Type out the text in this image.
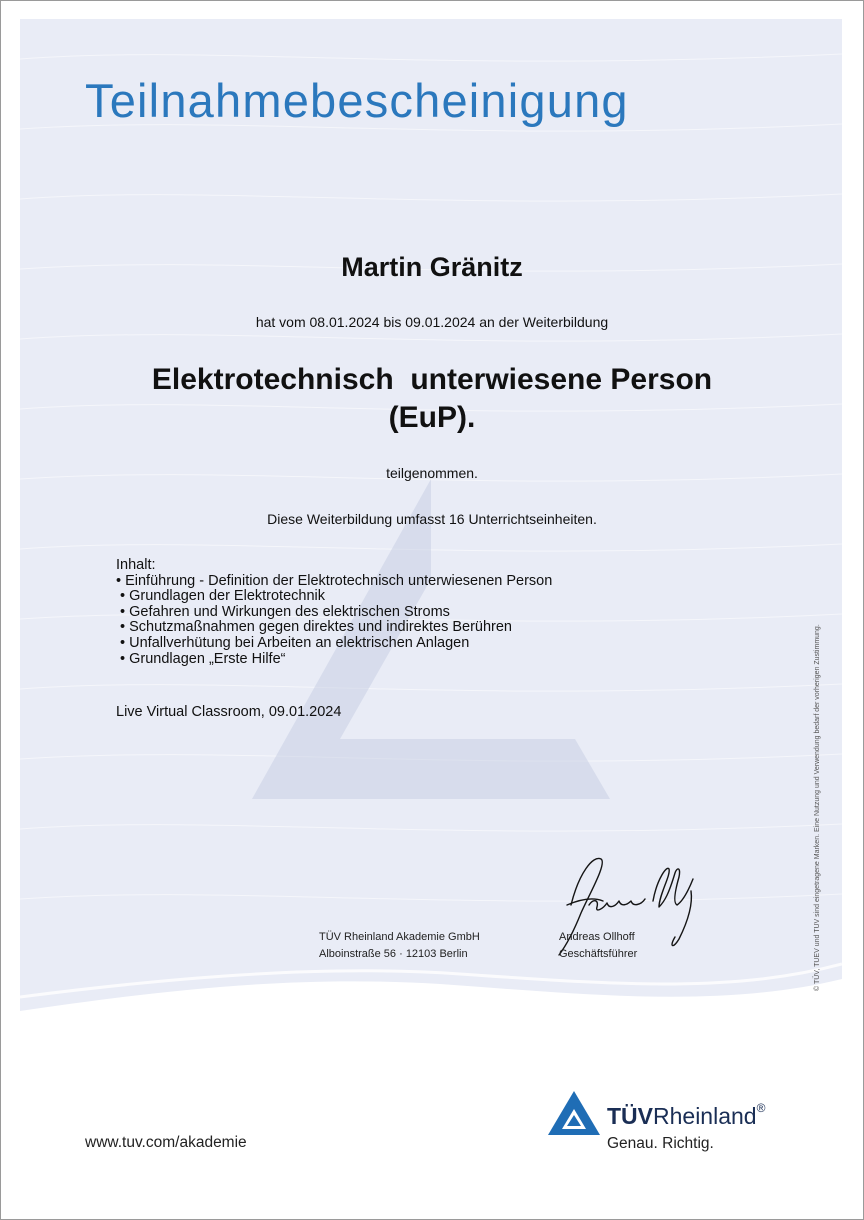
Teilnahmebescheinigung
Martin Gränitz
hat vom 08.01.2024 bis 09.01.2024 an der Weiterbildung
Elektrotechnisch  unterwiesene Person
(EuP).
teilgenommen.
Diese Weiterbildung umfasst 16 Unterrichtseinheiten.
Inhalt:
• Einführung - Definition der Elektrotechnisch unterwiesenen Person
• Grundlagen der Elektrotechnik
• Gefahren und Wirkungen des elektrischen Stroms
• Schutzmaßnahmen gegen direktes und indirektes Berühren
• Unfallverhütung bei Arbeiten an elektrischen Anlagen
• Grundlagen „Erste Hilfe“
Live Virtual Classroom, 09.01.2024
TÜV Rheinland Akademie GmbH
Alboinstraße 56 · 12103 Berlin
Andreas Ollhoff
Geschäftsführer	© TÜV, TUEV und TUV sind eingetragene Marken. Eine Nutzung und Verwendung bedarf der vorherigen Zustimmung.
www.tuv.com/akademie
TÜVRheinland®
Genau. Richtig.
